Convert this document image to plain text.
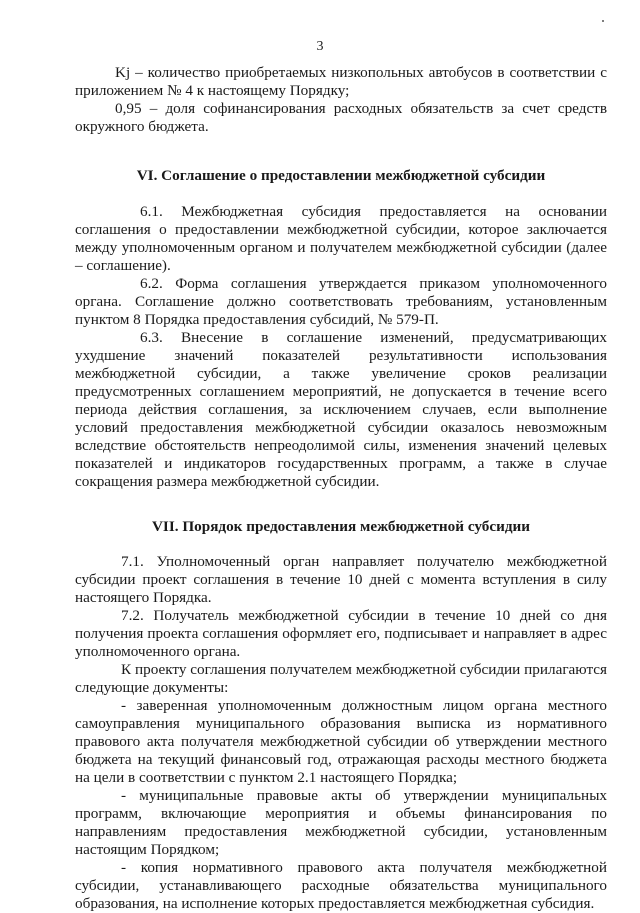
3

Kj – количество приобретаемых низкопольных автобусов в соответствии с приложением № 4 к настоящему Порядку;

0,95 – доля софинансирования расходных обязательств за счет средств окружного бюджета.

VI. Соглашение о предоставлении межбюджетной субсидии

6.1. Межбюджетная субсидия предоставляется на основании соглашения о предоставлении межбюджетной субсидии, которое заключается между уполномоченным органом и получателем межбюджетной субсидии (далее – соглашение).

6.2. Форма соглашения утверждается приказом уполномоченного органа. Соглашение должно соответствовать требованиям, установленным пунктом 8 Порядка предоставления субсидий, № 579-П.

6.3. Внесение в соглашение изменений, предусматривающих ухудшение значений показателей результативности использования межбюджетной субсидии, а также увеличение сроков реализации предусмотренных соглашением мероприятий, не допускается в течение всего периода действия соглашения, за исключением случаев, если выполнение условий предоставления межбюджетной субсидии оказалось невозможным вследствие обстоятельств непреодолимой силы, изменения значений целевых показателей и индикаторов государственных программ, а также в случае сокращения размера межбюджетной субсидии.

VII. Порядок предоставления межбюджетной субсидии

7.1. Уполномоченный орган направляет получателю межбюджетной субсидии проект соглашения в течение 10 дней с момента вступления в силу настоящего Порядка.

7.2. Получатель межбюджетной субсидии в течение 10 дней со дня получения проекта соглашения оформляет его, подписывает и направляет в адрес уполномоченного органа.

К проекту соглашения получателем межбюджетной субсидии прилагаются следующие документы:

- заверенная уполномоченным должностным лицом органа местного самоуправления муниципального образования выписка из нормативного правового акта получателя межбюджетной субсидии об утверждении местного бюджета на текущий финансовый год, отражающая расходы местного бюджета на цели в соответствии с пунктом 2.1 настоящего Порядка;

- муниципальные правовые акты об утверждении муниципальных программ, включающие мероприятия и объемы финансирования по направлениям предоставления межбюджетной субсидии, установленным настоящим Порядком;

- копия нормативного правового акта получателя межбюджетной субсидии, устанавливающего расходные обязательства муниципального образования, на исполнение которых предоставляется межбюджетная субсидия.
